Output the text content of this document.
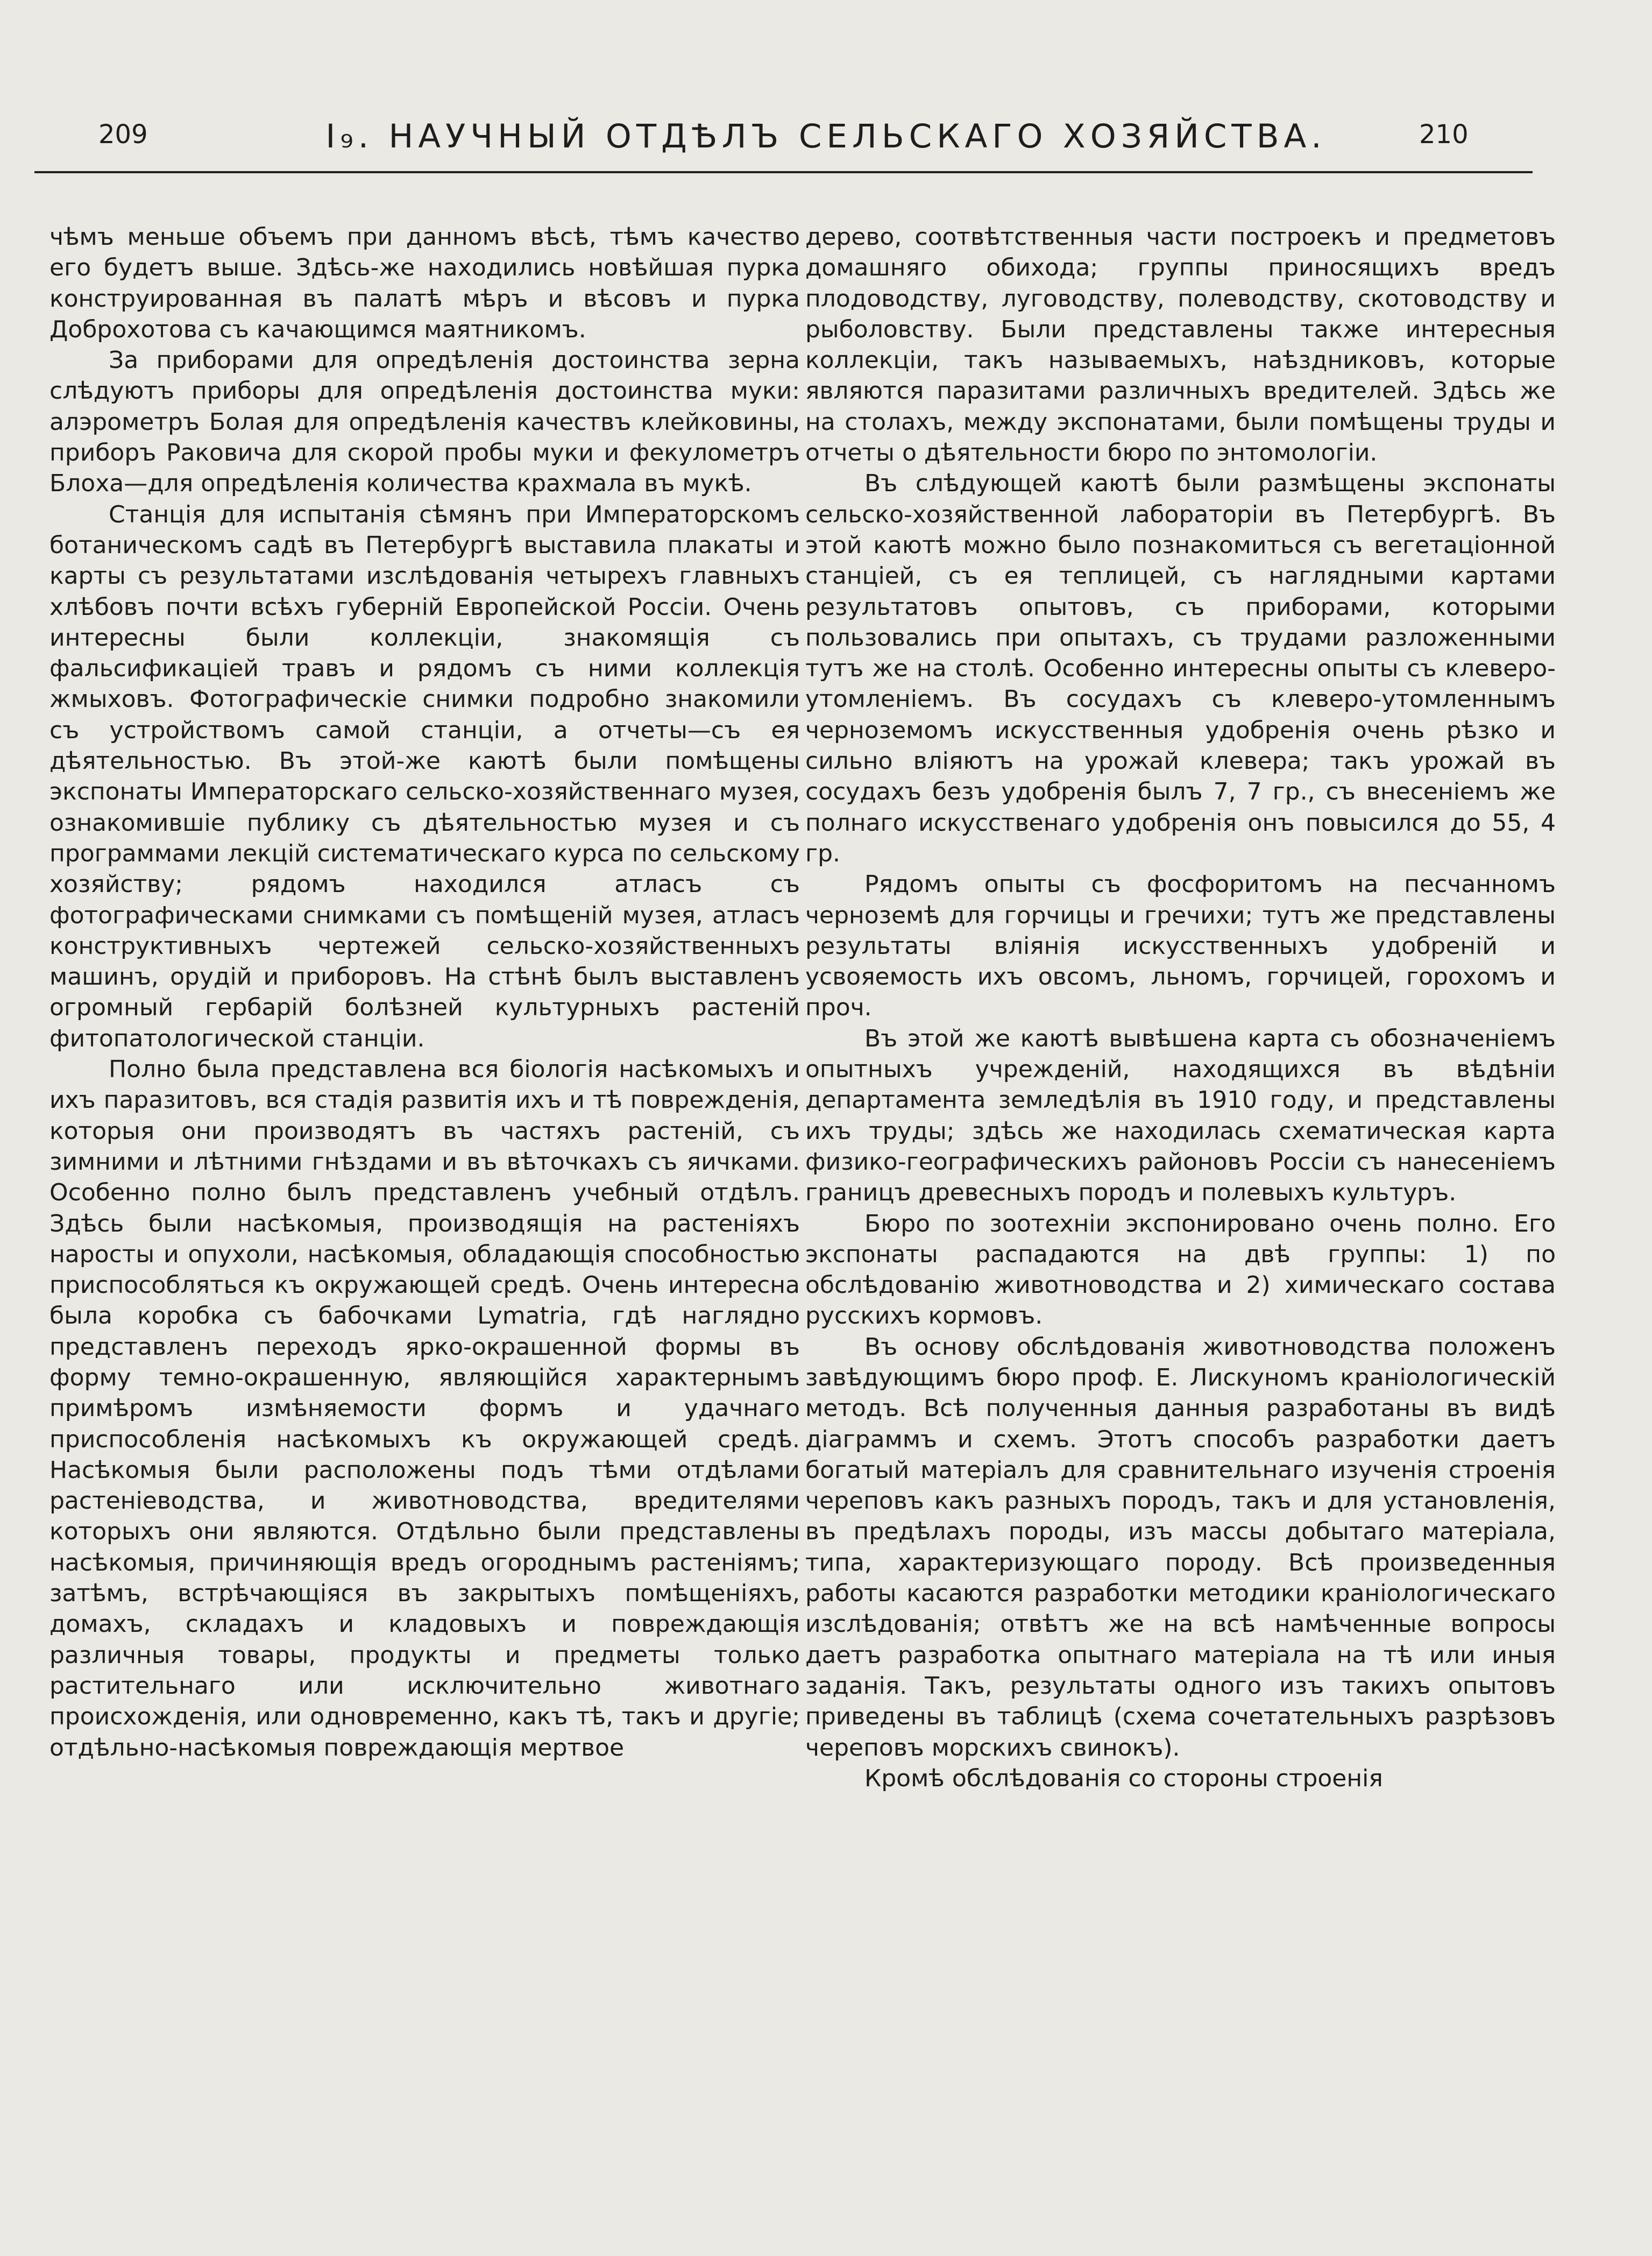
209	I₉. НАУЧНЫЙ ОТДѢЛЪ СЕЛЬСКАГО ХОЗЯЙСТВА.	210

чѣмъ меньше объемъ при данномъ вѣсѣ, тѣмъ качество его будетъ выше. Здѣсь-же находились новѣйшая пурка конструированная въ палатѣ мѣръ и вѣсовъ и пурка Доброхотова съ качающимся маятникомъ.

За приборами для опредѣленія достоинства зерна слѣдуютъ приборы для опредѣленія достоинства муки: алэрометръ Болая для опредѣленія качествъ клейковины, приборъ Раковича для скорой пробы муки и фекулометръ Блоха—для опредѣленія количества крахмала въ мукѣ.

Станція для испытанія сѣмянъ при Императорскомъ ботаническомъ садѣ въ Петербургѣ выставила плакаты и карты съ результатами изслѣдованія четырехъ главныхъ хлѣбовъ почти всѣхъ губерній Европейской Россіи. Очень интересны были коллекціи, знакомящія съ фальсификаціей травъ и рядомъ съ ними коллекція жмыховъ. Фотографическіе снимки подробно знакомили съ устройствомъ самой станціи, а отчеты—съ ея дѣятельностью. Въ этой-же каютѣ были помѣщены экспонаты Императорскаго сельско-хозяйственнаго музея, ознакомившіе публику съ дѣятельностью музея и съ программами лекцій систематическаго курса по сельскому хозяйству; рядомъ находился атласъ съ фотографическами снимками съ помѣщеній музея, атласъ конструктивныхъ чертежей сельско-хозяйственныхъ машинъ, орудій и приборовъ. На стѣнѣ былъ выставленъ огромный гербарій болѣзней культурныхъ растеній фитопатологической станціи.

Полно была представлена вся біологія насѣкомыхъ и ихъ паразитовъ, вся стадія развитія ихъ и тѣ поврежденія, которыя они производятъ въ частяхъ растеній, съ зимними и лѣтними гнѣздами и въ вѣточкахъ съ яичками. Особенно полно былъ представленъ учебный отдѣлъ. Здѣсь были насѣкомыя, производящія на растеніяхъ наросты и опухоли, насѣкомыя, обладающія способностью приспособляться къ окружающей средѣ. Очень интересна была коробка съ бабочками Lymatria, гдѣ наглядно представленъ переходъ ярко-окрашенной формы въ форму темно-окрашенную, являющійся характернымъ примѣромъ измѣняемости формъ и удачнаго приспособленія насѣкомыхъ къ окружающей средѣ. Насѣкомыя были расположены подъ тѣми отдѣлами растеніеводства, и животноводства, вредителями которыхъ они являются. Отдѣльно были представлены насѣкомыя, причиняющія вредъ огороднымъ растеніямъ; затѣмъ, встрѣчающіяся въ закрытыхъ помѣщеніяхъ, домахъ, складахъ и кладовыхъ и повреждающія различныя товары, продукты и предметы только растительнаго или исключительно животнаго происхожденія, или одновременно, какъ тѣ, такъ и другіе; отдѣльно-насѣкомыя повреждающія мертвое

дерево, соотвѣтственныя части построекъ и предметовъ домашняго обихода; группы приносящихъ вредъ плодоводству, луговодству, полеводству, скотоводству и рыболовству. Были представлены также интересныя коллекціи, такъ называемыхъ, наѣздниковъ, которые являются паразитами различныхъ вредителей. Здѣсь же на столахъ, между экспонатами, были помѣщены труды и отчеты о дѣятельности бюро по энтомологіи.

Въ слѣдующей каютѣ были размѣщены экспонаты сельско-хозяйственной лабораторіи въ Петербургѣ. Въ этой каютѣ можно было познакомиться съ вегетаціонной станціей, съ ея теплицей, съ наглядными картами результатовъ опытовъ, съ приборами, которыми пользовались при опытахъ, съ трудами разложенными тутъ же на столѣ. Особенно интересны опыты съ клеверо-утомленіемъ. Въ сосудахъ съ клеверо-утомленнымъ черноземомъ искусственныя удобренія очень рѣзко и сильно вліяютъ на урожай клевера; такъ урожай въ сосудахъ безъ удобренія былъ 7, 7 гр., съ внесеніемъ же полнаго искусственаго удобренія онъ повысился до 55, 4 гр.

Рядомъ опыты съ фосфоритомъ на песчанномъ черноземѣ для горчицы и гречихи; тутъ же представлены результаты вліянія искусственныхъ удобреній и усвояемость ихъ овсомъ, льномъ, горчицей, горохомъ и проч.

Въ этой же каютѣ вывѣшена карта съ обозначеніемъ опытныхъ учрежденій, находящихся въ вѣдѣніи департамента земледѣлія въ 1910 году, и представлены ихъ труды; здѣсь же находилась схематическая карта физико-географическихъ районовъ Россіи съ нанесеніемъ границъ древесныхъ породъ и полевыхъ культуръ.

Бюро по зоотехніи экспонировано очень полно. Его экспонаты распадаются на двѣ группы: 1) по обслѣдованію животноводства и 2) химическаго состава русскихъ кормовъ.

Въ основу обслѣдованія животноводства положенъ завѣдующимъ бюро проф. Е. Лискуномъ краніологическій методъ. Всѣ полученныя данныя разработаны въ видѣ діаграммъ и схемъ. Этотъ способъ разработки даетъ богатый матеріалъ для сравнительнаго изученія строенія череповъ какъ разныхъ породъ, такъ и для установленія, въ предѣлахъ породы, изъ массы добытаго матеріала, типа, характеризующаго породу. Всѣ произведенныя работы касаются разработки методики краніологическаго изслѣдованія; отвѣтъ же на всѣ намѣченные вопросы даетъ разработка опытнаго матеріала на тѣ или иныя заданія. Такъ, результаты одного изъ такихъ опытовъ приведены въ таблицѣ (схема сочетательныхъ разрѣзовъ череповъ морскихъ свинокъ).

Кромѣ обслѣдованія со стороны строенія
